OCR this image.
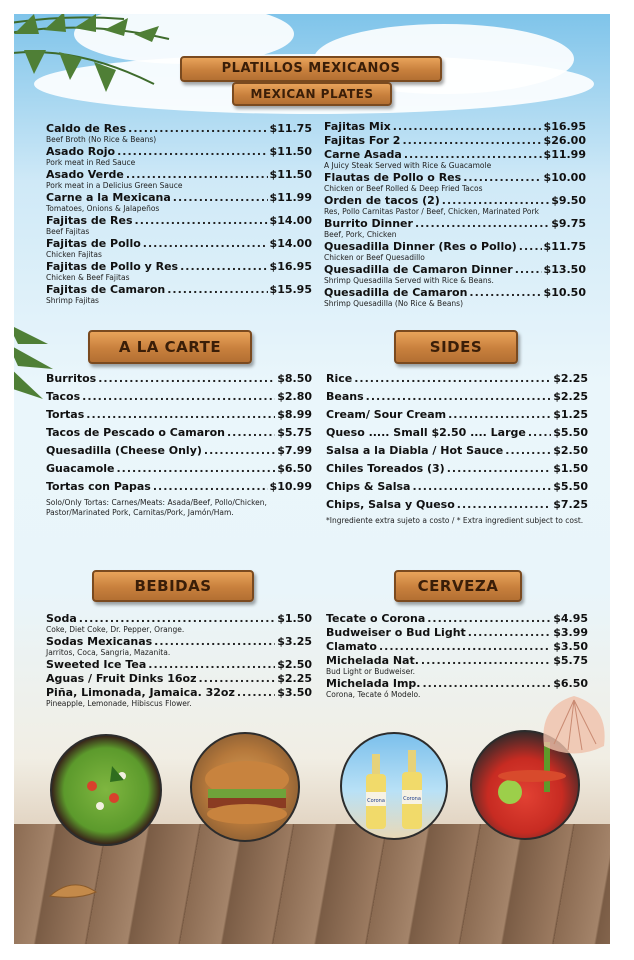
PLATILLOS MEXICANOS
MEXICAN PLATES
Caldo de Res .....	$11.75
Beef Broth (No Rice & Beans)
Asado Rojo .....	$11.50
Pork meat in Red Sauce
Asado Verde .....	$11.50
Pork meat in a Delicius Green Sauce
Carne a la Mexicana .....	$11.99
Tomatoes, Onions & Jalapeños
Fajitas de Res .....	$14.00
Beef Fajitas
Fajitas de Pollo .....	$14.00
Chicken Fajitas
Fajitas de Pollo y Res .....	$16.95
Chicken & Beef Fajitas
Fajitas de Camaron .....	$15.95
Shrimp Fajitas
Fajitas Mix .....	$16.95
Fajitas For 2 .....	$26.00
Carne Asada .....	$11.99
A Juicy Steak Served with Rice & Guacamole
Flautas de Pollo o Res .....	$10.00
Chicken or Beef Rolled & Deep Fried Tacos
Orden de tacos (2) .....	$9.50
Res, Pollo Carnitas Pastor / Beef, Chicken, Marinated Pork
Burrito Dinner .....	$9.75
Beef, Pork, Chicken
Quesadilla Dinner (Res o Pollo) ..... $11.75
Chicken or Beef Quesadillo
Quesadilla de Camaron Dinner .....	$13.50
Shrimp Quesadilla Served with Rice & Beans.
Quesadilla de Camaron .....	$10.50
Shrimp Quesadilla (No Rice & Beans)
A LA CARTE
Burritos .....	$8.50
Tacos .....	$2.80
Tortas .....	$8.99
Tacos de Pescado o Camaron .....	$5.75
Quesadilla (Cheese Only) .....	$7.99
Guacamole .....	$6.50
Tortas con Papas .....	$10.99
Solo/Only Tortas: Carnes/Meats: Asada/Beef, Pollo/Chicken, Pastor/Marinated Pork, Carnitas/Pork, Jamón/Ham.
SIDES
Rice .....	$2.25
Beans .....	$2.25
Cream/ Sour Cream .....	$1.25
Queso ..... Small $2.50 .... Large ..... $5.50
Salsa a la Diabla / Hot Sauce .....	$2.50
Chiles Toreados (3) .....	$1.50
Chips & Salsa .....	$5.50
Chips, Salsa y Queso .....	$7.25
*Ingrediente extra sujeto a costo / * Extra ingredient subject to cost.
BEBIDAS
Soda .....	$1.50
Coke, Diet Coke, Dr. Pepper, Orange.
Sodas Mexicanas .....	$3.25
Jarritos, Coca, Sangria, Mazanita.
Sweeted Ice Tea .....	$2.50
Aguas / Fruit Dinks 16oz .....	$2.25
Piña, Limonada, Jamaica. 32oz .....	$3.50
Pineapple, Lemonade, Hibiscus Flower.
CERVEZA
Tecate o Corona .....	$4.95
Budweiser o Bud Light .....	$3.99
Clamato .....	$3.50
Michelada Nat. .....	$5.75
Bud Light or Budweiser.
Michelada Imp. .....	$6.50
Corona, Tecate ó Modelo.
Corona	Corona
